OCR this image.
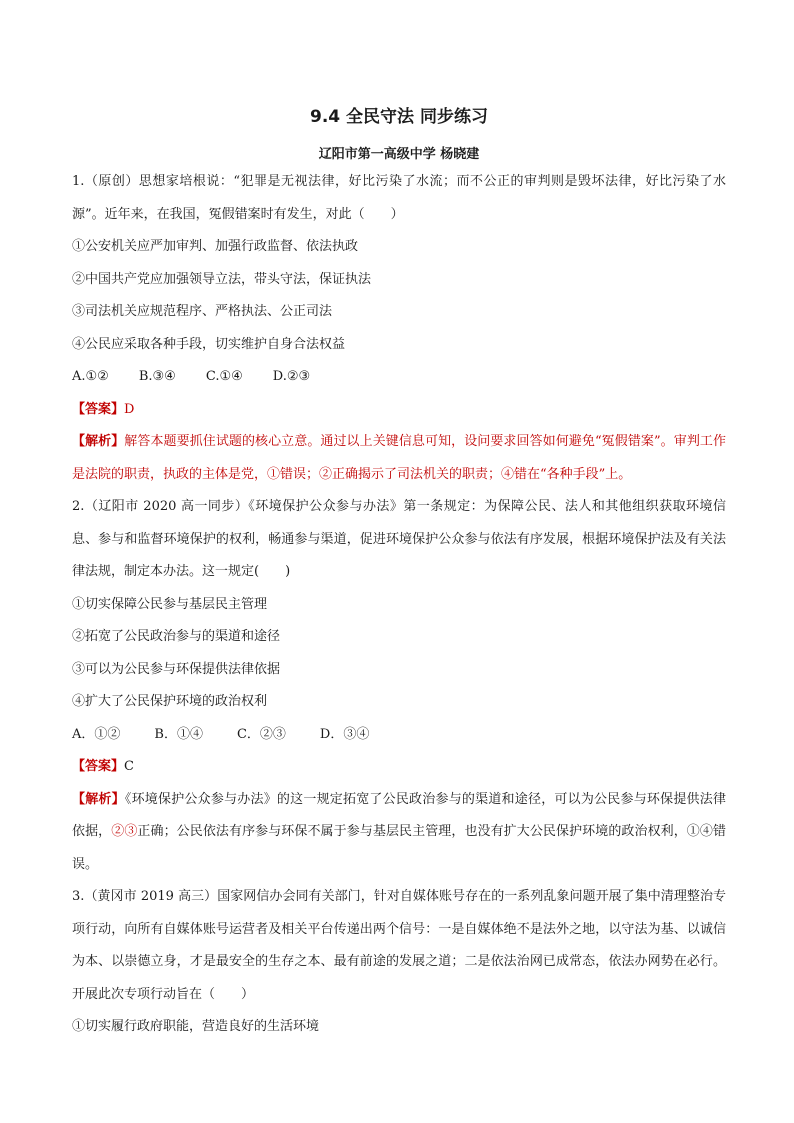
9.4 全民守法 同步练习
辽阳市第一高级中学 杨晓建

1.（原创）思想家培根说：“犯罪是无视法律，好比污染了水流；而不公正的审判则是毁坏法律，好比污染了水源”。近年来，在我国，冤假错案时有发生，对此（　　）

①公安机关应严加审判、加强行政监督、依法执政

②中国共产党应加强领导立法，带头守法，保证执法

③司法机关应规范程序、严格执法、公正司法

④公民应采取各种手段，切实维护自身合法权益

A.①② B.③④ C.①④ D.②③

【答案】D

【解析】解答本题要抓住试题的核心立意。通过以上关键信息可知，设问要求回答如何避免“冤假错案”。审判工作是法院的职责，执政的主体是党，①错误；②正确揭示了司法机关的职责；④错在“各种手段”上。

2.（辽阳市 2020 高一同步）《环境保护公众参与办法》第一条规定：为保障公民、法人和其他组织获取环境信息、参与和监督环境保护的权利，畅通参与渠道，促进环境保护公众参与依法有序发展，根据环境保护法及有关法律法规，制定本办法。这一规定(　　)

①切实保障公民参与基层民主管理

②拓宽了公民政治参与的渠道和途径

③可以为公民参与环保提供法律依据

④扩大了公民保护环境的政治权利

A．①②	B．①④	C．②③	D．③④

【答案】C

【解析】《环境保护公众参与办法》的这一规定拓宽了公民政治参与的渠道和途径，可以为公民参与环保提供法律依据，②③正确；公民依法有序参与环保不属于参与基层民主管理，也没有扩大公民保护环境的政治权利，①④错误。

3.（黄冈市 2019 高三）国家网信办会同有关部门，针对自媒体账号存在的一系列乱象问题开展了集中清理整治专项行动，向所有自媒体账号运营者及相关平台传递出两个信号：一是自媒体绝不是法外之地，以守法为基、以诚信为本、以崇德立身，才是最安全的生存之本、最有前途的发展之道；二是依法治网已成常态，依法办网势在必行。开展此次专项行动旨在（　　）

①切实履行政府职能，营造良好的生活环境
